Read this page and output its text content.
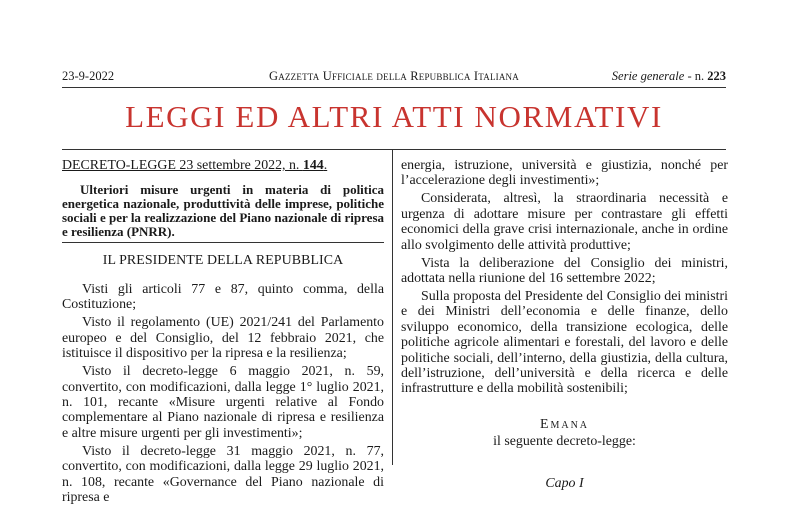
23-9-2022	Gazzetta Ufficiale della Repubblica Italiana	Serie generale - n. 223
LEGGI ED ALTRI ATTI NORMATIVI

DECRETO-LEGGE 23 settembre 2022, n. 144.

Ulteriori misure urgenti in materia di politica energetica nazionale, produttività delle imprese, politiche sociali e per la realizzazione del Piano nazionale di ripresa e resilienza (PNRR).

IL PRESIDENTE DELLA REPUBBLICA

Visti gli articoli 77 e 87, quinto comma, della Costituzione;

Visto il regolamento (UE) 2021/241 del Parlamento europeo e del Consiglio, del 12 febbraio 2021, che istituisce il dispositivo per la ripresa e la resilienza;

Visto il decreto-legge 6 maggio 2021, n. 59, convertito, con modificazioni, dalla legge 1° luglio 2021, n. 101, recante «Misure urgenti relative al Fondo complementare al Piano nazionale di ripresa e resilienza e altre misure urgenti per gli investimenti»;

Visto il decreto-legge 31 maggio 2021, n. 77, convertito, con modificazioni, dalla legge 29 luglio 2021, n. 108, recante «Governance del Piano nazionale di ripresa e

energia, istruzione, università e giustizia, nonché per l’accelerazione degli investimenti»;

Considerata, altresì, la straordinaria necessità e urgenza di adottare misure per contrastare gli effetti economici della grave crisi internazionale, anche in ordine allo svolgimento delle attività produttive;

Vista la deliberazione del Consiglio dei ministri, adottata nella riunione del 16 settembre 2022;

Sulla proposta del Presidente del Consiglio dei ministri e dei Ministri dell’economia e delle finanze, dello sviluppo economico, della transizione ecologica, delle politiche agricole alimentari e forestali, del lavoro e delle politiche sociali, dell’interno, della giustizia, della cultura, dell’istruzione, dell’università e della ricerca e delle infrastrutture e della mobilità sostenibili;

Emana

il seguente decreto-legge:

Capo I
